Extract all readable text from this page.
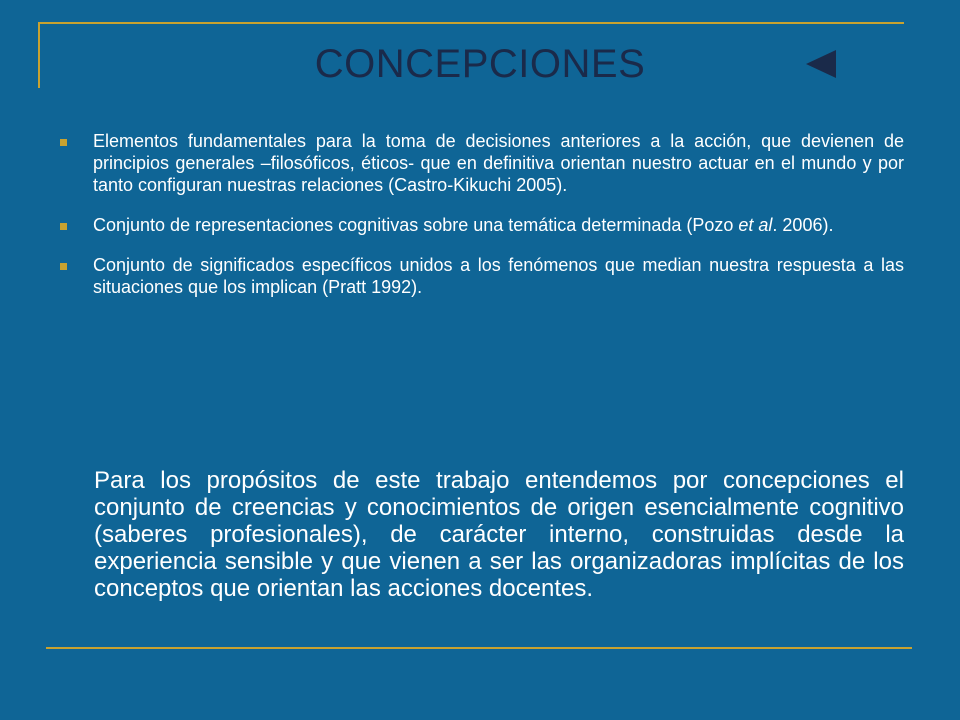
CONCEPCIONES
Elementos fundamentales para la toma de decisiones anteriores a la acción, que devienen de principios generales –filosóficos, éticos- que en definitiva orientan nuestro actuar en el mundo y por tanto configuran nuestras relaciones (Castro-Kikuchi 2005).
Conjunto de representaciones cognitivas sobre una temática determinada (Pozo et al. 2006).
Conjunto de significados específicos unidos a los fenómenos que median nuestra respuesta a las situaciones que los implican (Pratt 1992).
Para los propósitos de este trabajo entendemos por concepciones el conjunto de creencias y conocimientos de origen esencialmente cognitivo (saberes profesionales), de carácter interno, construidas desde la experiencia sensible y que vienen a ser las organizadoras implícitas de los conceptos que orientan las acciones docentes.
